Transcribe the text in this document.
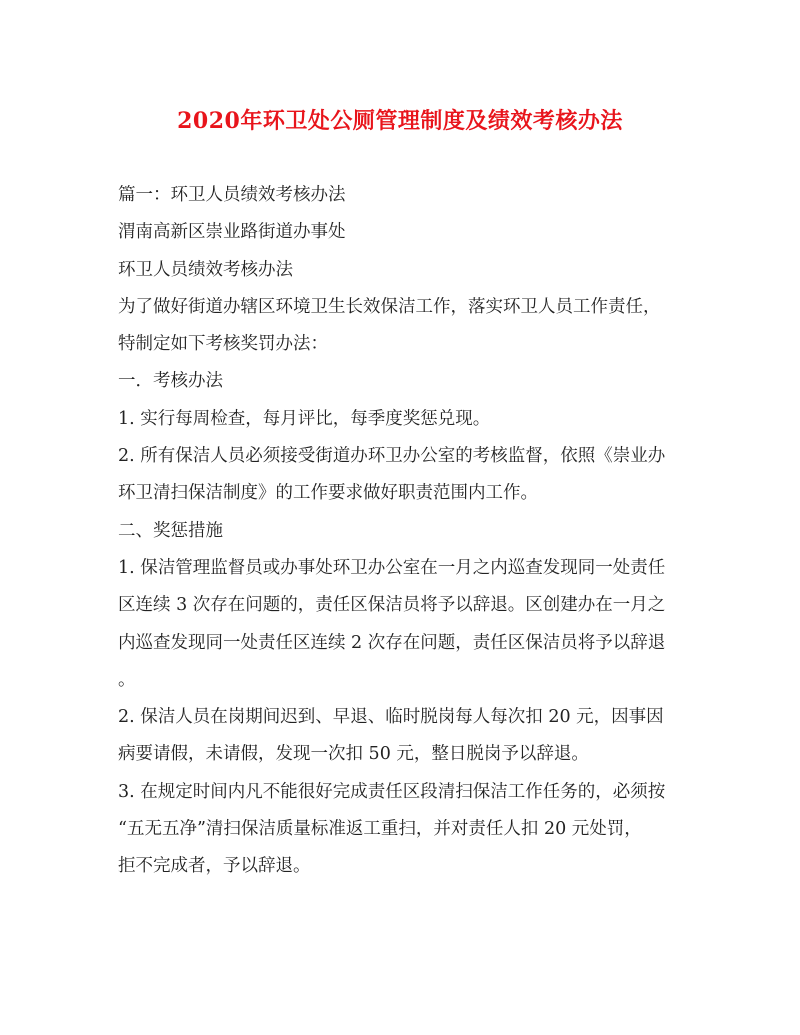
2020年环卫处公厕管理制度及绩效考核办法
篇一：环卫人员绩效考核办法
渭南高新区崇业路街道办事处
环卫人员绩效考核办法
为了做好街道办辖区环境卫生长效保洁工作，落实环卫人员工作责任，
特制定如下考核奖罚办法：
一．考核办法
1. 实行每周检查，每月评比，每季度奖惩兑现。
2. 所有保洁人员必须接受街道办环卫办公室的考核监督，依照《崇业办
环卫清扫保洁制度》的工作要求做好职责范围内工作。
二、奖惩措施
1. 保洁管理监督员或办事处环卫办公室在一月之内巡查发现同一处责任
区连续 3 次存在问题的，责任区保洁员将予以辞退。区创建办在一月之
内巡查发现同一处责任区连续 2 次存在问题，责任区保洁员将予以辞退
。
2. 保洁人员在岗期间迟到、早退、临时脱岗每人每次扣 20 元，因事因
病要请假，未请假，发现一次扣 50 元，整日脱岗予以辞退。
3. 在规定时间内凡不能很好完成责任区段清扫保洁工作任务的，必须按
“五无五净”清扫保洁质量标准返工重扫，并对责任人扣 20 元处罚，
拒不完成者，予以辞退。
